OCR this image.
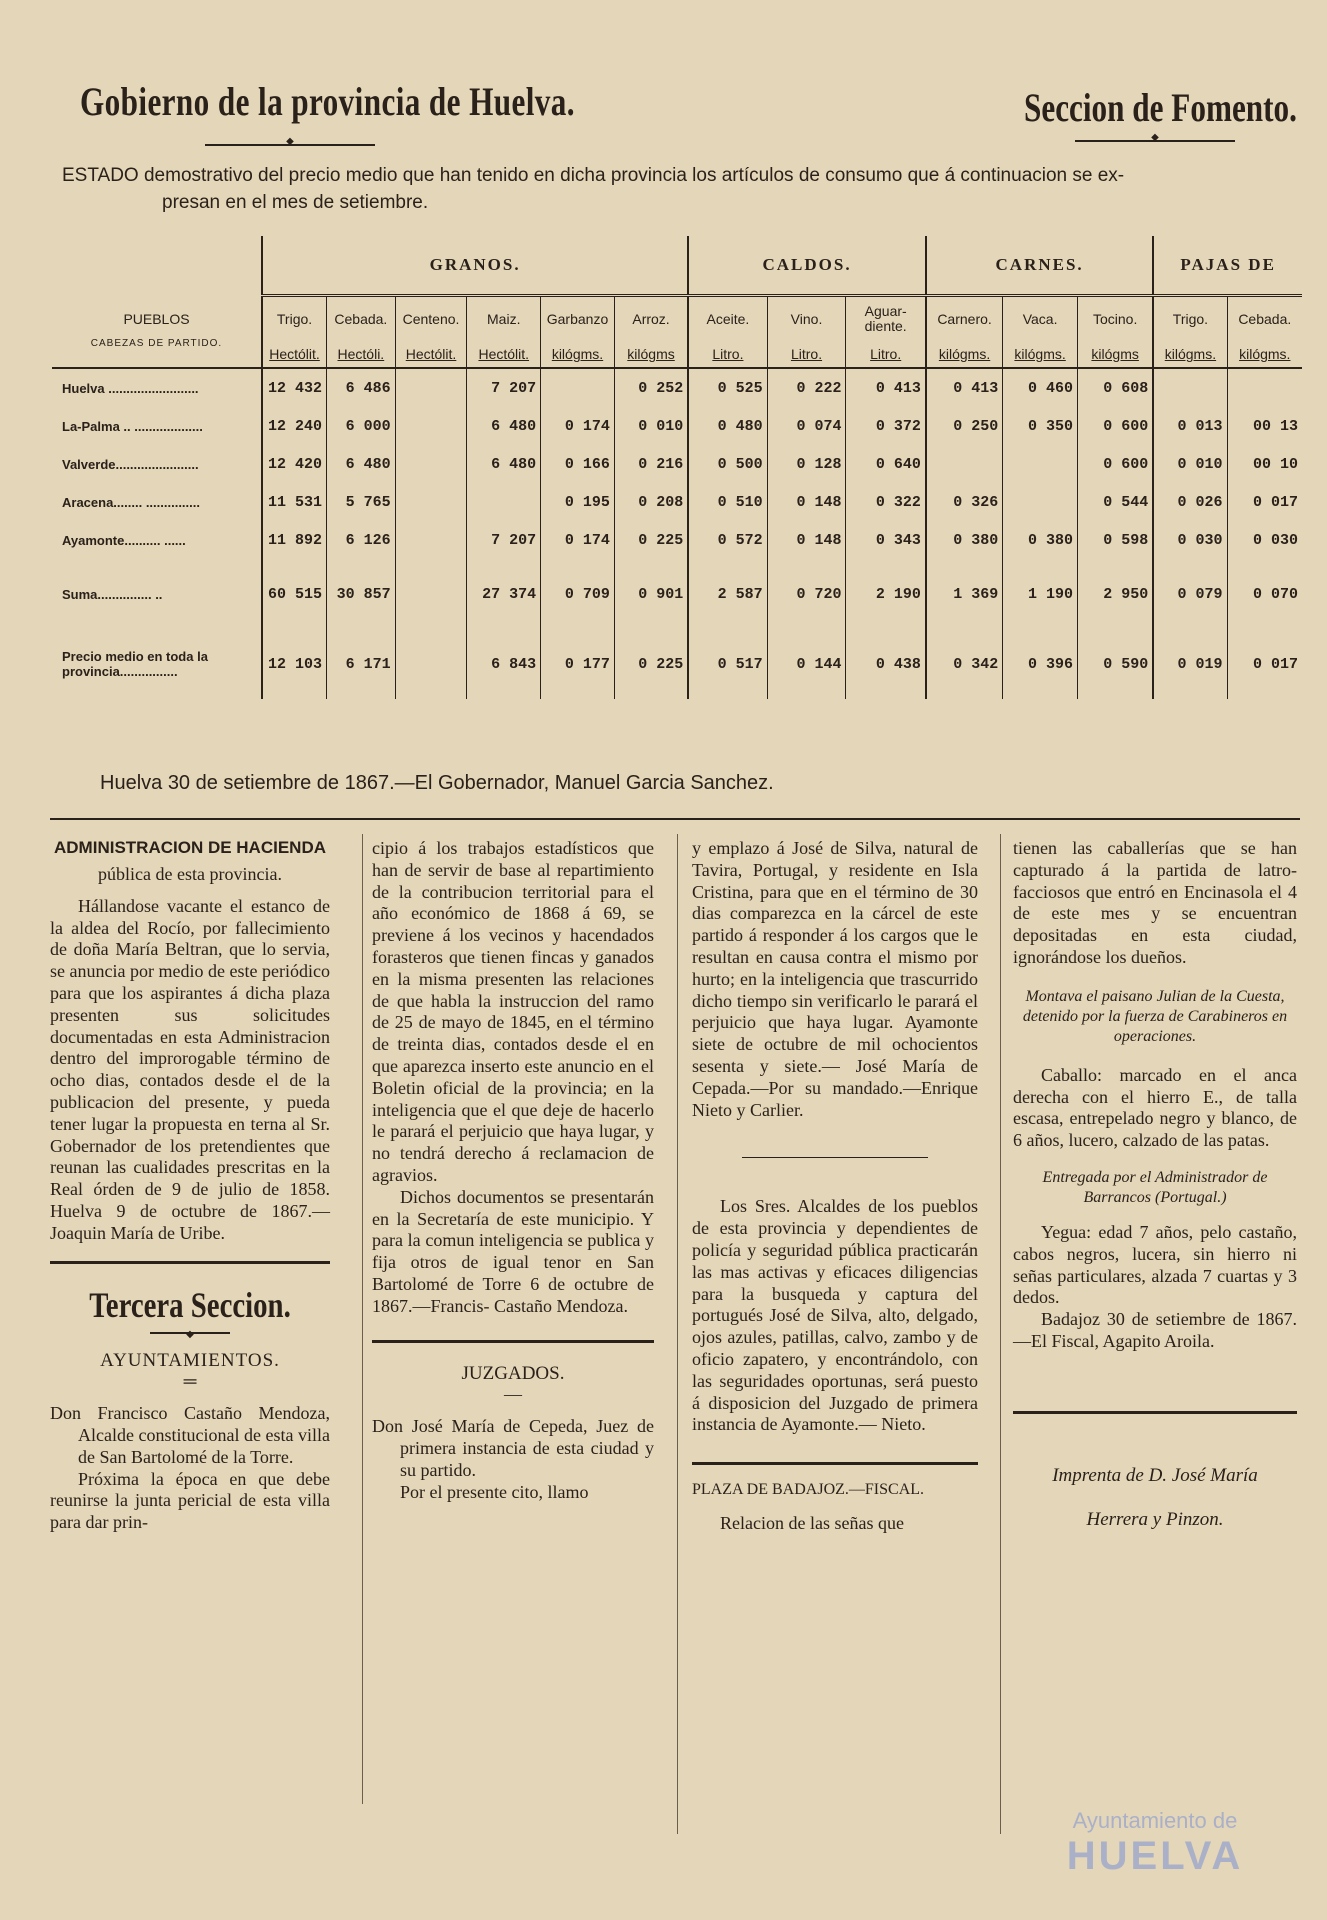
Gobierno de la provincia de Huelva.
◆	Seccion de Fomento.
◆
ESTADO demostrativo del precio medio que han tenido en dicha provincia los artículos de consumo que á continuacion se ex-
presan en el mes de setiembre.
	GRANOS.						CALDOS.			CARNES.			PAJAS DE	
PUEBLOS
CABEZAS DE PARTIDO.	Trigo.	Cebada.	Centeno.	Maiz.	Garbanzo	Arroz.	Aceite.	Vino.	Aguar-diente.	Carnero.	Vaca.	Tocino.	Trigo.	Cebada.
	Hectólit.	Hectóli.	Hectólit.	Hectólit.	kilógms.	kilógms	Litro.	Litro.	Litro.	kilógms.	kilógms.	kilógms	kilógms.	kilógms.
Huelva .........................	12 432	6 486		7 207		0 252	0 525	0 222	0 413	0 413	0 460	0 608		
La-Palma .. ...................	12 240	6 000		6 480	0 174	0 010	0 480	0 074	0 372	0 250	0 350	0 600	0 013	00 13
Valverde.......................	12 420	6 480		6 480	0 166	0 216	0 500	0 128	0 640			0 600	0 010	00 10
Aracena........ ...............	11 531	5 765			0 195	0 208	0 510	0 148	0 322	0 326		0 544	0 026	0 017
Ayamonte.......... ......	11 892	6 126		7 207	0 174	0 225	0 572	0 148	0 343	0 380	0 380	0 598	0 030	0 030
Suma............... ..	60 515	30 857		27 374	0 709	0 901	2 587	0 720	2 190	1 369	1 190	2 950	0 079	0 070
Precio medio en toda la provincia................	12 103	6 171		6 843	0 177	0 225	0 517	0 144	0 438	0 342	0 396	0 590	0 019	0 017
Huelva 30 de setiembre de 1867.—El Gobernador, Manuel Garcia Sanchez.

ADMINISTRACION DE HACIENDA

pública de esta provincia.

Hállandose vacante el estanco de la aldea del Rocío, por fallecimiento de doña María Beltran, que lo servia, se anuncia por medio de este periódico para que los aspirantes á dicha plaza presenten sus solicitudes documentadas en esta Administracion dentro del improrogable término de ocho dias, contados desde el de la publicacion del presente, y pueda tener lugar la propuesta en terna al Sr. Gobernador de los pretendientes que reunan las cualidades prescritas en la Real órden de 9 de julio de 1858. Huelva 9 de octubre de 1867.—Joaquin María de Uribe.

Tercera Seccion.
◆

AYUNTAMIENTOS.

═

Don Francisco Castaño Mendoza, Alcalde constitucional de esta villa de San Bartolomé de la Torre.

Próxima la época en que debe reunirse la junta pericial de esta villa para dar prin-

cipio á los trabajos estadísticos que han de servir de base al repartimiento de la contribucion territorial para el año económico de 1868 á 69, se previene á los vecinos y hacendados forasteros que tienen fincas y ganados en la misma presenten las relaciones de que habla la instruccion del ramo de 25 de mayo de 1845, en el término de treinta dias, contados desde el en que aparezca inserto este anuncio en el Boletin oficial de la provincia; en la inteligencia que el que deje de hacerlo le parará el perjuicio que haya lugar, y no tendrá derecho á reclamacion de agravios.

Dichos documentos se presentarán en la Secretaría de este municipio. Y para la comun inteligencia se publica y fija otros de igual tenor en San Bartolomé de Torre 6 de octubre de 1867.—Francis- Castaño Mendoza.

JUZGADOS.

—

Don José María de Cepeda, Juez de primera instancia de esta ciudad y su partido.

Por el presente cito, llamo

y emplazo á José de Silva, natural de Tavira, Portugal, y residente en Isla Cristina, para que en el término de 30 dias comparezca en la cárcel de este partido á responder á los cargos que le resultan en causa contra el mismo por hurto; en la inteligencia que trascurrido dicho tiempo sin verificarlo le parará el perjuicio que haya lugar. Ayamonte siete de octubre de mil ochocientos sesenta y siete.— José María de Cepada.—Por su mandado.—Enrique Nieto y Carlier.

Los Sres. Alcaldes de los pueblos de esta provincia y dependientes de policía y seguridad pública practicarán las mas activas y eficaces diligencias para la busqueda y captura del portugués José de Silva, alto, delgado, ojos azules, patillas, calvo, zambo y de oficio zapatero, y encontrándolo, con las seguridades oportunas, será puesto á disposicion del Juzgado de primera instancia de Ayamonte.— Nieto.

PLAZA DE BADAJOZ.—FISCAL.

Relacion de las señas que

tienen las caballerías que se han capturado á la partida de latro-facciosos que entró en Encinasola el 4 de este mes y se encuentran depositadas en esta ciudad, ignorándose los dueños.

Montava el paisano Julian de la Cuesta, detenido por la fuerza de Carabineros en operaciones.

Caballo: marcado en el anca derecha con el hierro E., de talla escasa, entrepelado negro y blanco, de 6 años, lucero, calzado de las patas.

Entregada por el Administrador de Barrancos (Portugal.)

Yegua: edad 7 años, pelo castaño, cabos negros, lucera, sin hierro ni señas particulares, alzada 7 cuartas y 3 dedos.

Badajoz 30 de setiembre de 1867.—El Fiscal, Agapito Aroila.

Imprenta de D. José María

Herrera y Pinzon.

Ayuntamiento de
HUELVA
